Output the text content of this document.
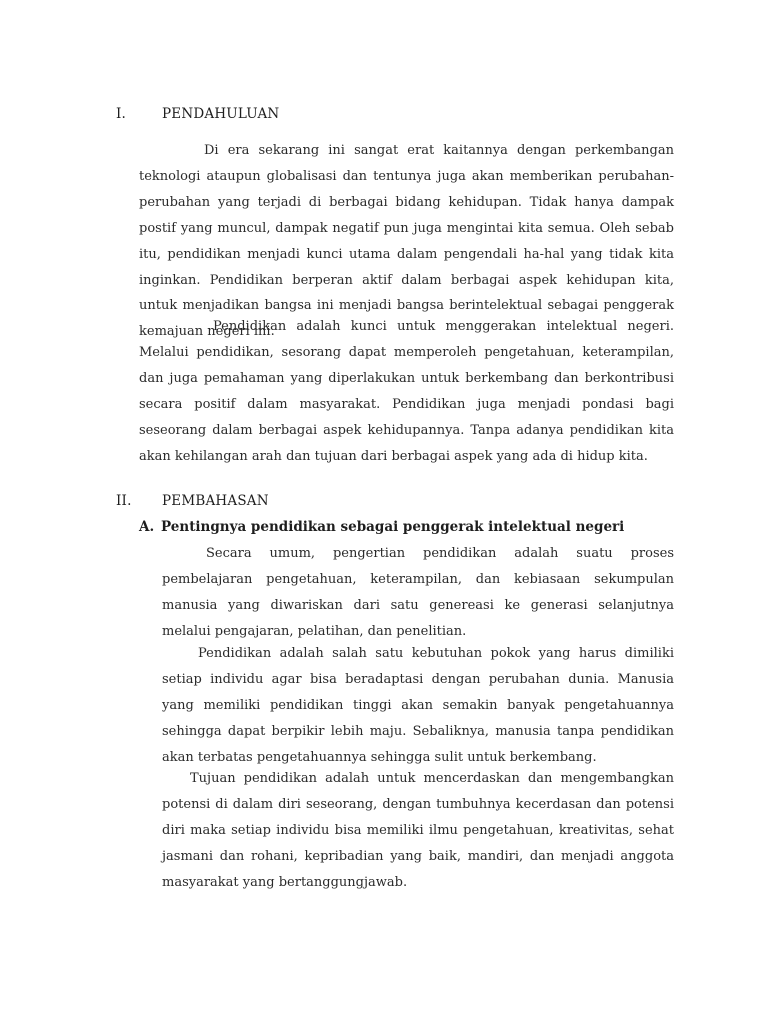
I.	PENDAHULUAN

Di era sekarang ini sangat erat kaitannya dengan perkembangan teknologi ataupun globalisasi dan tentunya juga akan memberikan perubahan-perubahan yang terjadi di berbagai bidang kehidupan. Tidak hanya dampak postif yang muncul, dampak negatif pun juga mengintai kita semua. Oleh sebab itu, pendidikan menjadi kunci utama dalam pengendali ha-hal yang tidak kita inginkan. Pendidikan berperan aktif dalam berbagai aspek kehidupan kita, untuk menjadikan bangsa ini menjadi bangsa berintelektual sebagai penggerak kemajuan negeri ini.

Pendidikan adalah kunci untuk menggerakan intelektual negeri. Melalui pendidikan, sesorang dapat memperoleh pengetahuan, keterampilan, dan juga pemahaman yang diperlakukan untuk berkembang dan berkontribusi secara positif dalam masyarakat. Pendidikan juga menjadi pondasi bagi seseorang dalam berbagai aspek kehidupannya. Tanpa adanya pendidikan kita akan kehilangan arah dan tujuan dari berbagai aspek yang ada di hidup kita.

II. PEMBAHASAN
A. Pentingnya pendidikan sebagai penggerak intelektual negeri

Secara umum, pengertian pendidikan adalah suatu proses pembelajaran pengetahuan, keterampilan, dan kebiasaan sekumpulan manusia yang diwariskan dari satu genereasi ke generasi selanjutnya melalui pengajaran, pelatihan, dan penelitian.

Pendidikan adalah salah satu kebutuhan pokok yang harus dimiliki setiap individu agar bisa beradaptasi dengan perubahan dunia. Manusia yang memiliki pendidikan tinggi akan semakin banyak pengetahuannya sehingga dapat berpikir lebih maju. Sebaliknya, manusia tanpa pendidikan akan terbatas pengetahuannya sehingga sulit untuk berkembang.

Tujuan pendidikan adalah untuk mencerdaskan dan mengembangkan potensi di dalam diri seseorang, dengan tumbuhnya kecerdasan dan potensi diri maka setiap individu bisa memiliki ilmu pengetahuan, kreativitas, sehat jasmani dan rohani, kepribadian yang baik, mandiri, dan menjadi anggota masyarakat yang bertanggungjawab.
